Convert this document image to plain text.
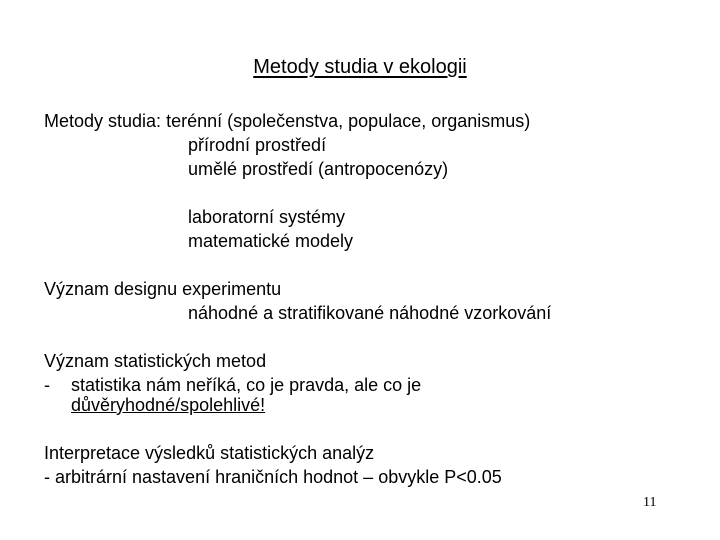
Metody studia v ekologii
Metody studia: terénní (společenstva, populace, organismus)
přírodní prostředí
umělé prostředí (antropocenózy)
laboratorní systémy
matematické modely
Význam designu experimentu
náhodné a stratifikované náhodné vzorkování
Význam statistických metod
- statistika nám neříká, co je pravda, ale co je
důvěryhodné/spolehlivé!
Interpretace výsledků statistických analýz
- arbitrární nastavení hraničních hodnot – obvykle P<0.05
11
